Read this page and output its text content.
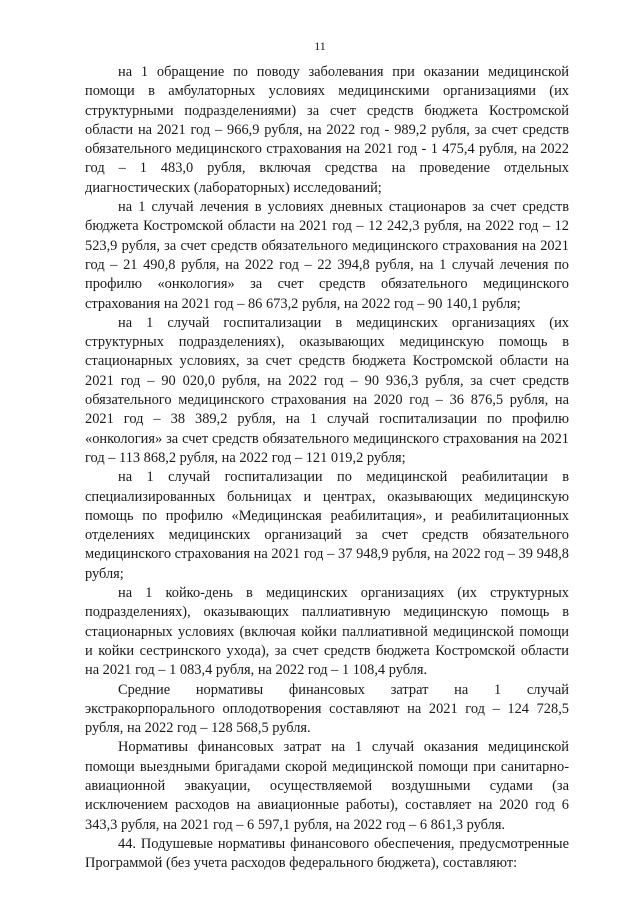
11

на 1 обращение по поводу заболевания при оказании медицинской помощи в амбулаторных условиях медицинскими организациями (их структурными подразделениями) за счет средств бюджета Костромской области на 2021 год – 966,9 рубля, на 2022 год - 989,2 рубля, за счет средств обязательного медицинского страхования на 2021 год - 1 475,4 рубля, на 2022 год – 1 483,0 рубля, включая средства на проведение отдельных диагностических (лабораторных) исследований;

на 1 случай лечения в условиях дневных стационаров за счет средств бюджета Костромской области на 2021 год – 12 242,3 рубля, на 2022 год – 12 523,9 рубля, за счет средств обязательного медицинского страхования на 2021 год – 21 490,8 рубля, на 2022 год – 22 394,8 рубля, на 1 случай лечения по профилю «онкология» за счет средств обязательного медицинского страхования на 2021 год – 86 673,2 рубля, на 2022 год – 90 140,1 рубля;

на 1 случай госпитализации в медицинских организациях (их структурных подразделениях), оказывающих медицинскую помощь в стационарных условиях, за счет средств бюджета Костромской области на 2021 год – 90 020,0 рубля, на 2022 год – 90 936,3 рубля, за счет средств обязательного медицинского страхования на 2020 год – 36 876,5 рубля, на 2021 год – 38 389,2 рубля, на 1 случай госпитализации по профилю «онкология» за счет средств обязательного медицинского страхования на 2021 год – 113 868,2 рубля, на 2022 год – 121 019,2 рубля;

на 1 случай госпитализации по медицинской реабилитации в специализированных больницах и центрах, оказывающих медицинскую помощь по профилю «Медицинская реабилитация», и реабилитационных отделениях медицинских организаций за счет средств обязательного медицинского страхования на 2021 год – 37 948,9 рубля, на 2022 год – 39 948,8 рубля;

на 1 койко-день в медицинских организациях (их структурных подразделениях), оказывающих паллиативную медицинскую помощь в стационарных условиях (включая койки паллиативной медицинской помощи и койки сестринского ухода), за счет средств бюджета Костромской области на 2021 год – 1 083,4 рубля, на 2022 год – 1 108,4 рубля.

Средние нормативы финансовых затрат на 1 случай экстракорпорального оплодотворения составляют на 2021 год – 124 728,5 рубля, на 2022 год – 128 568,5 рубля.

Нормативы финансовых затрат на 1 случай оказания медицинской помощи выездными бригадами скорой медицинской помощи при санитарно-авиационной эвакуации, осуществляемой воздушными судами (за исключением расходов на авиационные работы), составляет на 2020 год 6 343,3 рубля, на 2021 год – 6 597,1 рубля, на 2022 год – 6 861,3 рубля.

44. Подушевые нормативы финансового обеспечения, предусмотренные Программой (без учета расходов федерального бюджета), составляют:
